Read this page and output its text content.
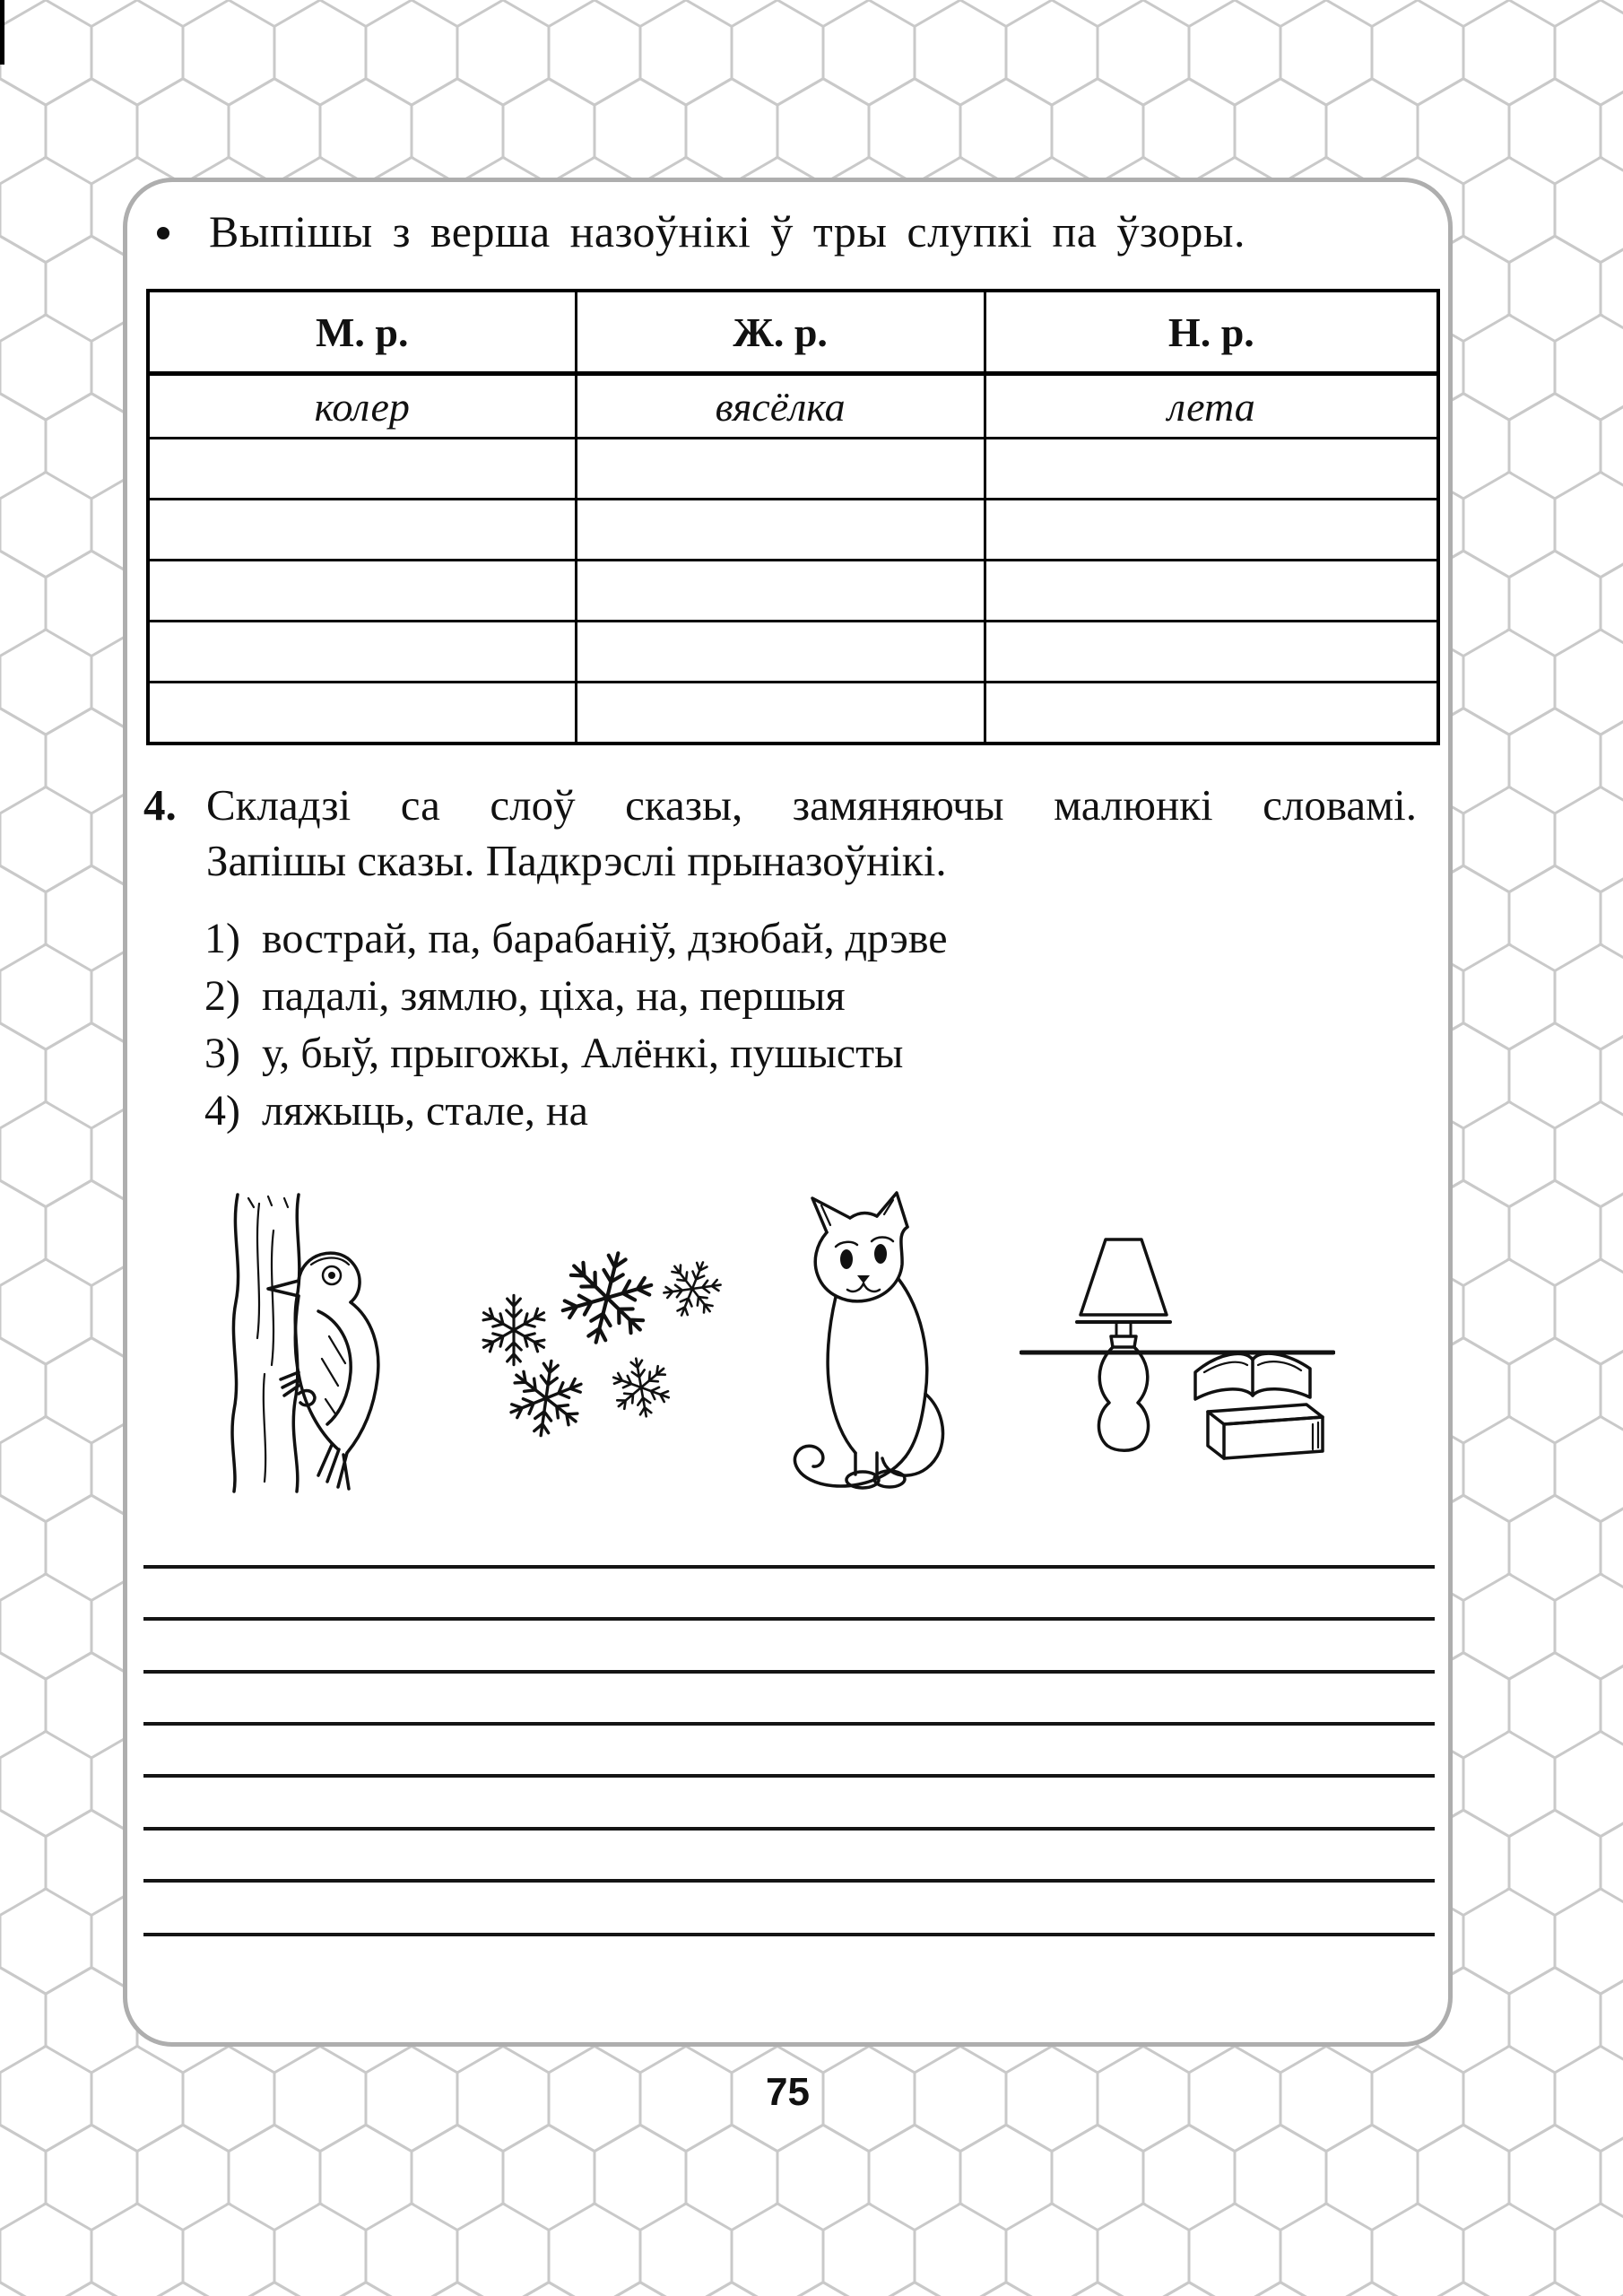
Выпішы з верша назоўнікі ў тры слупкі па ўзоры.
М. р.	Ж. р.	Н. р.
колер	вясёлка	лета
4. Складзі са слоў сказы, замяняючы малюнкі словамі.
Запішы сказы. Падкрэслі прыназоўнікі.
1) вострай, па, барабаніў, дзюбай, дрэве
2) падалі, зямлю, ціха, на, першыя
3) у, быў, прыгожы, Алёнкі, пушысты
4) ляжыць, стале, на
75
